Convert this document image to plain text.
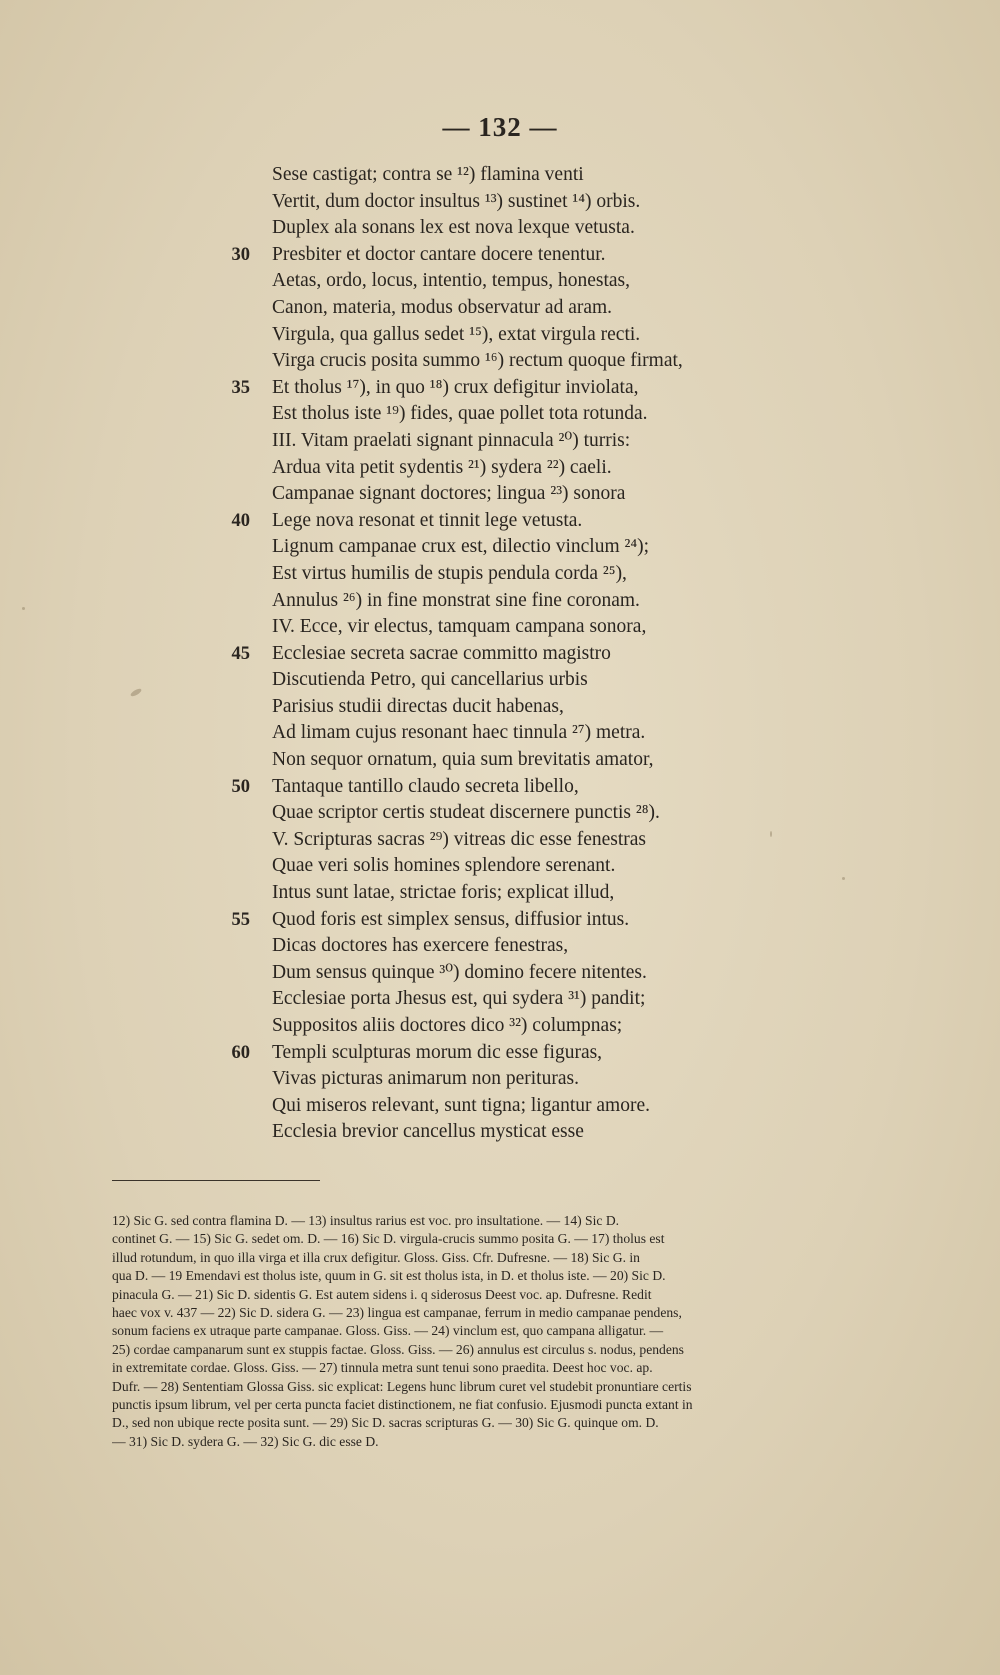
— 132 —
Sese castigat; contra se ¹²) flamina venti
Vertit, dum doctor insultus ¹³) sustinet ¹⁴) orbis.
Duplex ala sonans lex est nova lexque vetusta.
30 Presbiter et doctor cantare docere tenentur.
Aetas, ordo, locus, intentio, tempus, honestas,
Canon, materia, modus observatur ad aram.
Virgula, qua gallus sedet ¹⁵), extat virgula recti.
Virga crucis posita summo ¹⁶) rectum quoque firmat,
35 Et tholus ¹⁷), in quo ¹⁸) crux defigitur inviolata,
Est tholus iste ¹⁹) fides, quae pollet tota rotunda.
III. Vitam praelati signant pinnacula ²⁰) turris:
Ardua vita petit sydentis ²¹) sydera ²²) caeli.
Campanae signant doctores; lingua ²³) sonora
40 Lege nova resonat et tinnit lege vetusta.
Lignum campanae crux est, dilectio vinclum ²⁴);
Est virtus humilis de stupis pendula corda ²⁵),
Annulus ²⁶) in fine monstrat sine fine coronam.
IV. Ecce, vir electus, tamquam campana sonora,
45 Ecclesiae secreta sacrae committo magistro
Discutienda Petro, qui cancellarius urbis
Parisius studii directas ducit habenas,
Ad limam cujus resonant haec tinnula ²⁷) metra.
Non sequor ornatum, quia sum brevitatis amator,
50 Tantaque tantillo claudo secreta libello,
Quae scriptor certis studeat discernere punctis ²⁸).
V. Scripturas sacras ²⁹) vitreas dic esse fenestras
Quae veri solis homines splendore serenant.
Intus sunt latae, strictae foris; explicat illud,
55 Quod foris est simplex sensus, diffusior intus.
Dicas doctores has exercere fenestras,
Dum sensus quinque ³⁰) domino fecere nitentes.
Ecclesiae porta Jhesus est, qui sydera ³¹) pandit;
Suppositos aliis doctores dico ³²) columpnas;
60 Templi sculpturas morum dic esse figuras,
Vivas picturas animarum non perituras.
Qui miseros relevant, sunt tigna; ligantur amore.
Ecclesia brevior cancellus mysticat esse
12) Sic G. sed contra flamina D. — 13) insultus rarius est voc. pro insultatione. — 14) Sic D.
continet G. — 15) Sic G. sedet om. D. — 16) Sic D. virgula-crucis summo posita G. — 17) tholus est
illud rotundum, in quo illa virga et illa crux defigitur. Gloss. Giss. Cfr. Dufresne. — 18) Sic G. in
qua D. — 19 Emendavi est tholus iste, quum in G. sit est tholus ista, in D. et tholus iste. — 20) Sic D.
pinacula G. — 21) Sic D. sidentis G. Est autem sidens i. q siderosus Deest voc. ap. Dufresne. Redit
haec vox v. 437 — 22) Sic D. sidera G. — 23) lingua est campanae, ferrum in medio campanae pendens,
sonum faciens ex utraque parte campanae. Gloss. Giss. — 24) vinclum est, quo campana alligatur. —
25) cordae campanarum sunt ex stuppis factae. Gloss. Giss. — 26) annulus est circulus s. nodus, pendens
in extremitate cordae. Gloss. Giss. — 27) tinnula metra sunt tenui sono praedita. Deest hoc voc. ap.
Dufr. — 28) Sententiam Glossa Giss. sic explicat: Legens hunc librum curet vel studebit pronuntiare certis
punctis ipsum librum, vel per certa puncta faciet distinctionem, ne fiat confusio. Ejusmodi puncta extant in
D., sed non ubique recte posita sunt. — 29) Sic D. sacras scripturas G. — 30) Sic G. quinque om. D.
— 31) Sic D. sydera G. — 32) Sic G. dic esse D.
